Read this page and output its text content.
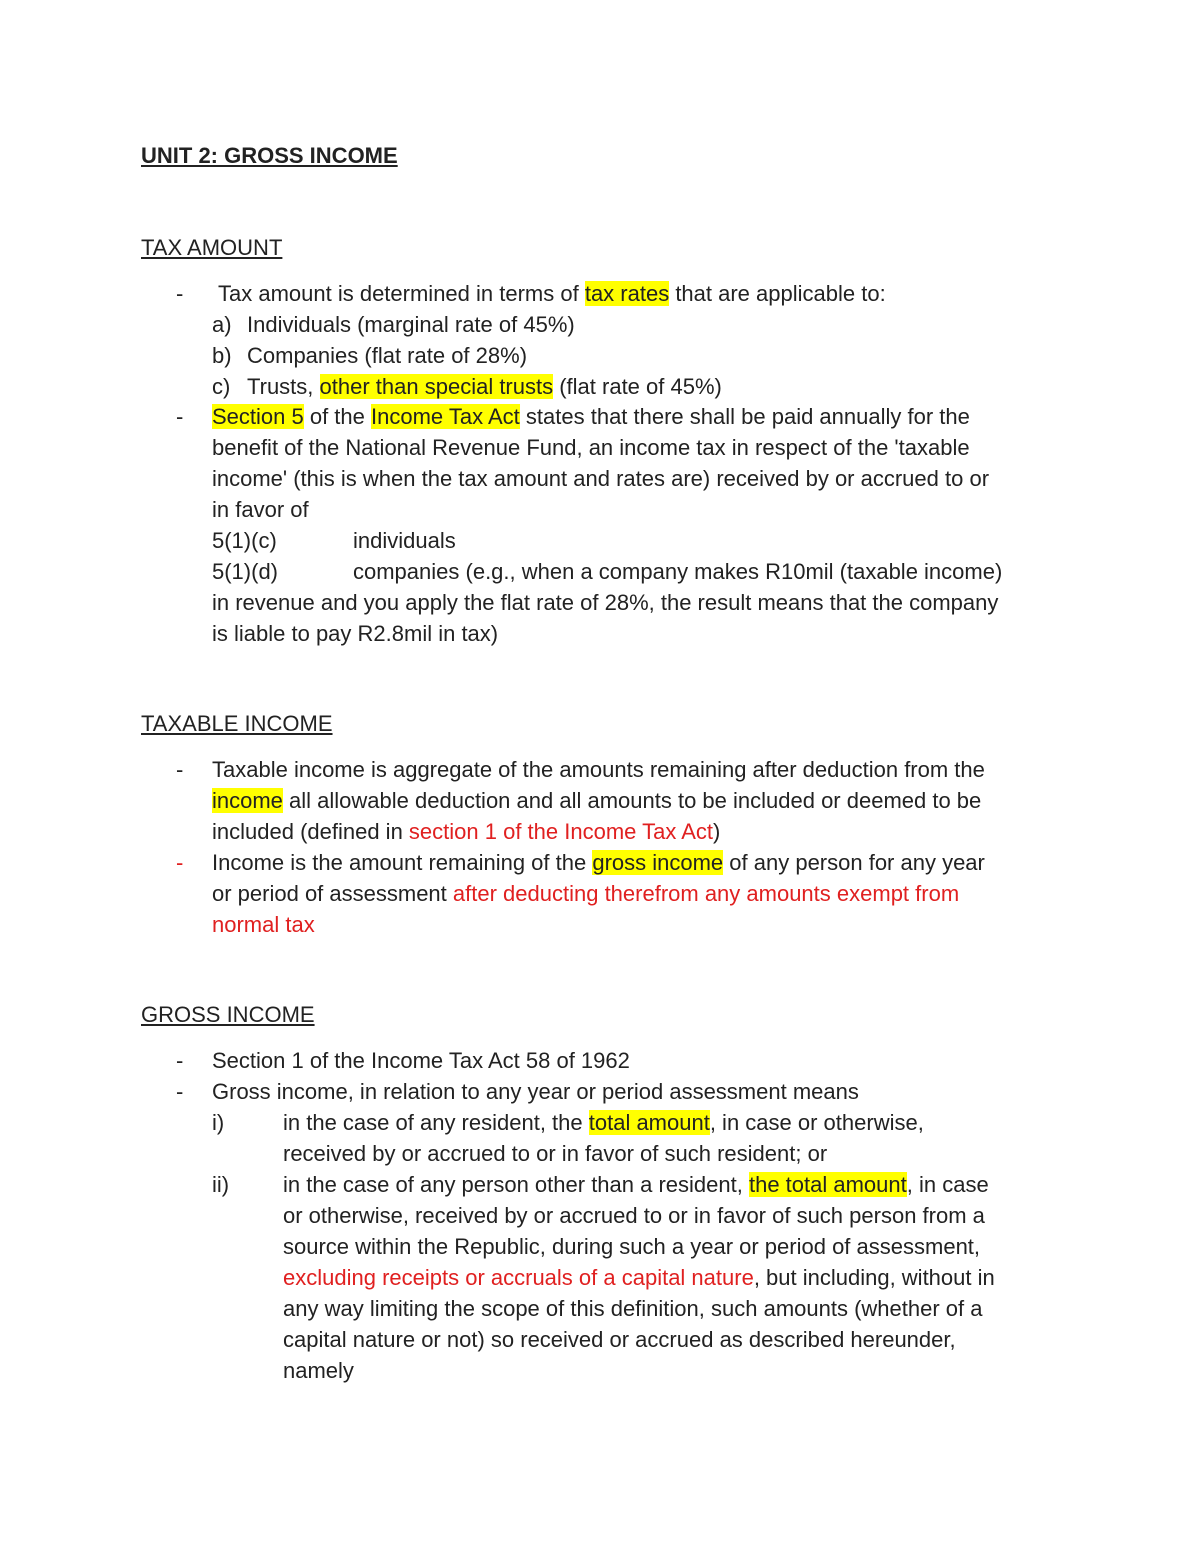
UNIT 2: GROSS INCOME
TAX AMOUNT
- Tax amount is determined in terms of tax rates that are applicable to:
a) Individuals (marginal rate of 45%)
b) Companies (flat rate of 28%)
c) Trusts, other than special trusts (flat rate of 45%)
- Section 5 of the Income Tax Act states that there shall be paid annually for the
benefit of the National Revenue Fund, an income tax in respect of the 'taxable
income' (this is when the tax amount and rates are) received by or accrued to or
in favor of
5(1)(c)	individuals
5(1)(d)	companies (e.g., when a company makes R10mil (taxable income)
in revenue and you apply the flat rate of 28%, the result means that the company
is liable to pay R2.8mil in tax)
TAXABLE INCOME
- Taxable income is aggregate of the amounts remaining after deduction from the
income all allowable deduction and all amounts to be included or deemed to be
included (defined in section 1 of the Income Tax Act)
- Income is the amount remaining of the gross income of any person for any year
or period of assessment after deducting therefrom any amounts exempt from
normal tax
GROSS INCOME
- Section 1 of the Income Tax Act 58 of 1962
- Gross income, in relation to any year or period assessment means
i)	in the case of any resident, the total amount, in case or otherwise,
received by or accrued to or in favor of such resident; or
ii) in the case of any person other than a resident, the total amount, in case
or otherwise, received by or accrued to or in favor of such person from a
source within the Republic, during such a year or period of assessment,
excluding receipts or accruals of a capital nature, but including, without in
any way limiting the scope of this definition, such amounts (whether of a
capital nature or not) so received or accrued as described hereunder,
namely
